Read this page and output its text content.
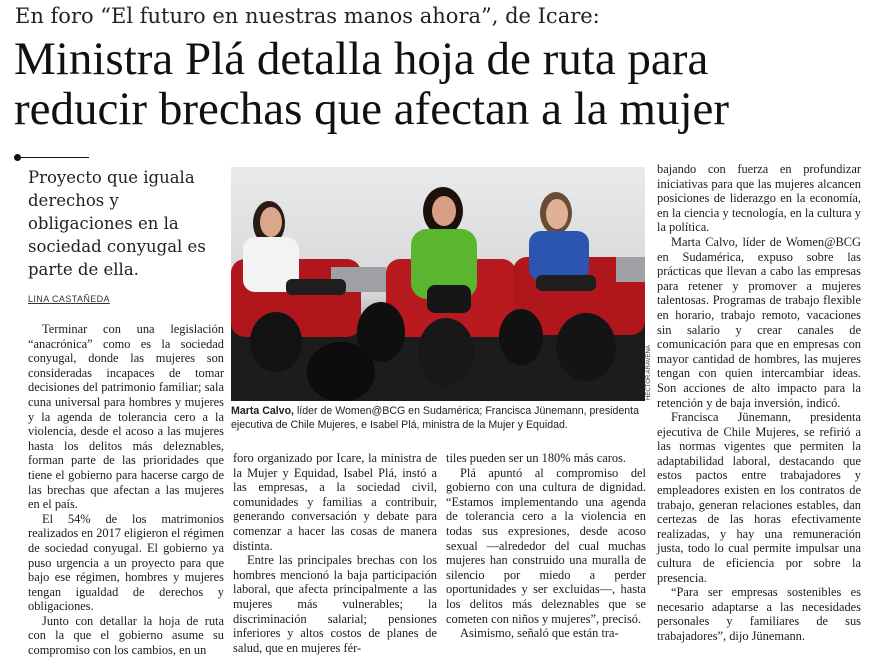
En foro “El futuro en nuestras manos ahora”, de Icare:
Ministra Plá detalla hoja de ruta para
reducir brechas que afectan a la mujer
Proyecto que iguala derechos y obligaciones en la sociedad conyugal es parte de ella.
LINA CASTAÑEDA

Terminar con una legislación “anacrónica” como es la sociedad conyugal, donde las mujeres son consideradas incapaces de tomar decisiones del patrimonio familiar; sala cuna universal para hombres y mujeres y la agenda de tolerancia cero a la violencia, desde el acoso a las mujeres hasta los delitos más deleznables, forman parte de las prioridades que tiene el gobierno para hacerse cargo de las brechas que afectan a las mujeres en el país.

El 54% de los matrimonios realizados en 2017 eligieron el régimen de sociedad conyugal. El gobierno ya puso urgencia a un proyecto para que bajo ese régimen, hombres y mujeres tengan igualdad de derechos y obligaciones.

Junto con detallar la hoja de ruta con la que el gobierno asume su compromiso con los cambios, en un

HÉCTOR ARAVENA
Marta Calvo, líder de Women@BCG en Sudamérica; Francisca Jünemann, presidenta ejecutiva de Chile Mujeres, e Isabel Plá, ministra de la Mujer y Equidad.

foro organizado por Icare, la ministra de la Mujer y Equidad, Isabel Plá, instó a las empresas, a la sociedad civil, comunidades y familias a contribuir, generando conversación y debate para comenzar a hacer las cosas de manera distinta.

Entre las principales brechas con los hombres mencionó la baja participación laboral, que afecta principalmente a las mujeres más vulnerables; la discriminación salarial; pensiones inferiores y altos costos de planes de salud, que en mujeres fér-

tiles pueden ser un 180% más caros.

Plá apuntó al compromiso del gobierno con una cultura de dignidad. “Estamos implementando una agenda de tolerancia cero a la violencia en todas sus expresiones, desde acoso sexual —alrededor del cual muchas mujeres han construido una muralla de silencio por miedo a perder oportunidades y ser excluidas—, hasta los delitos más deleznables que se cometen con niños y mujeres”, precisó.

Asimismo, señaló que están tra-

bajando con fuerza en profundizar iniciativas para que las mujeres alcancen posiciones de liderazgo en la economía, en la ciencia y tecnología, en la cultura y la política.

Marta Calvo, líder de Women@BCG en Sudamérica, expuso sobre las prácticas que llevan a cabo las empresas para retener y promover a mujeres talentosas. Programas de trabajo flexible en horario, trabajo remoto, vacaciones sin salario y crear canales de comunicación para que en empresas con mayor cantidad de hombres, las mujeres tengan con quien intercambiar ideas. Son acciones de alto impacto para la retención y de baja inversión, indicó.

Francisca Jünemann, presidenta ejecutiva de Chile Mujeres, se refirió a las normas vigentes que permiten la adaptabilidad laboral, destacando que estos pactos entre trabajadores y empleadores existen en los contratos de trabajo, generan relaciones estables, dan certezas de las horas efectivamente realizadas, y hay una remuneración justa, todo lo cual permite impulsar una cultura de eficiencia por sobre la presencia.

“Para ser empresas sostenibles es necesario adaptarse a las necesidades personales y familiares de sus trabajadores”, dijo Jünemann.
